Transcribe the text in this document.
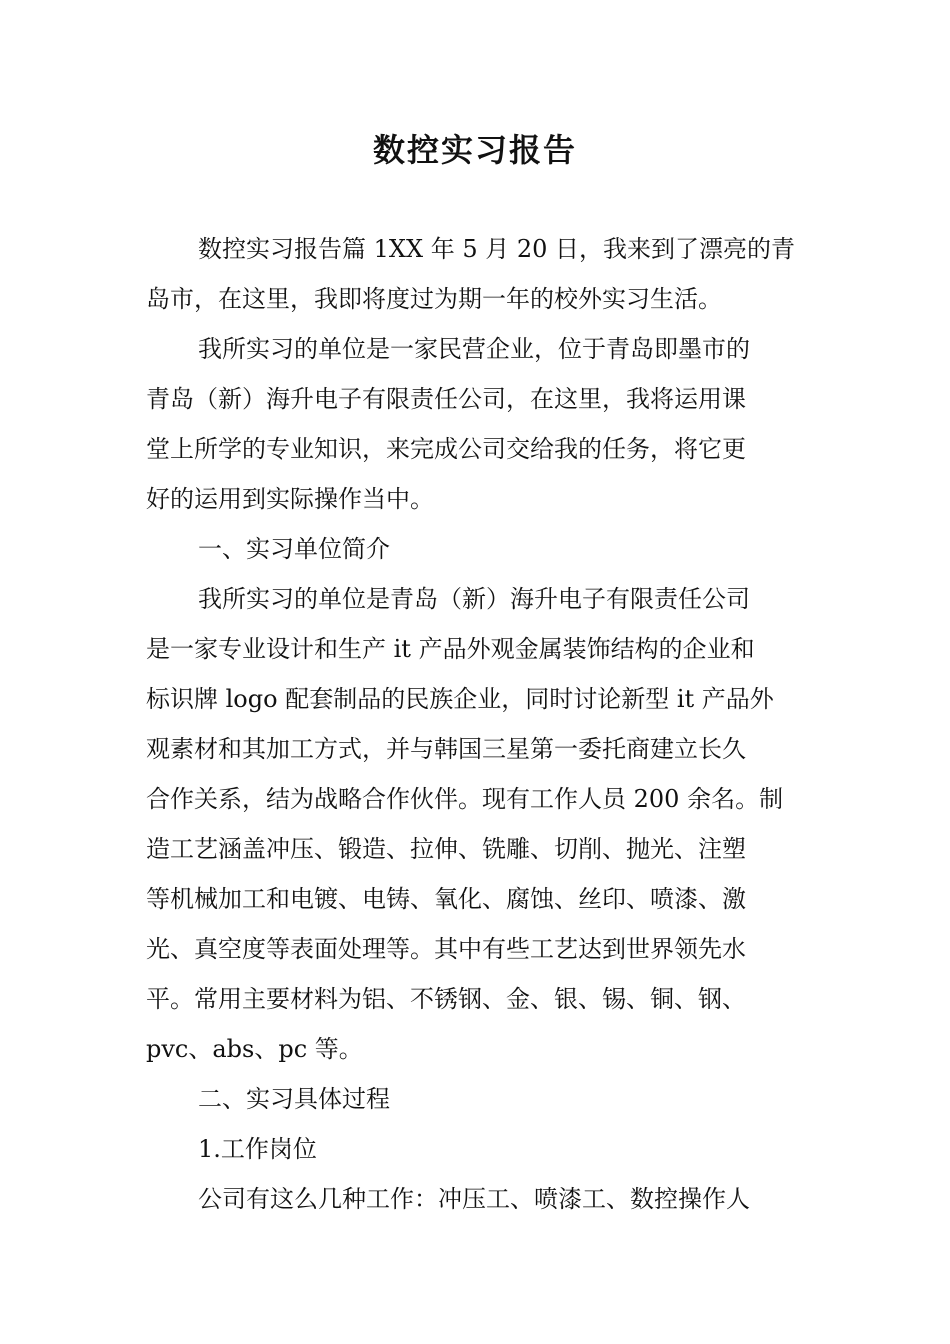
数控实习报告
数控实习报告篇 1XX 年 5 月 20 日，我来到了漂亮的青
岛市，在这里，我即将度过为期一年的校外实习生活。
我所实习的单位是一家民营企业，位于青岛即墨市的
青岛（新）海升电子有限责任公司，在这里，我将运用课
堂上所学的专业知识，来完成公司交给我的任务，将它更
好的运用到实际操作当中。
一、实习单位简介
我所实习的单位是青岛（新）海升电子有限责任公司
是一家专业设计和生产 it 产品外观金属装饰结构的企业和
标识牌 logo 配套制品的民族企业，同时讨论新型 it 产品外
观素材和其加工方式，并与韩国三星第一委托商建立长久
合作关系，结为战略合作伙伴。现有工作人员 200 余名。制
造工艺涵盖冲压、锻造、拉伸、铣雕、切削、抛光、注塑
等机械加工和电镀、电铸、氧化、腐蚀、丝印、喷漆、激
光、真空度等表面处理等。其中有些工艺达到世界领先水
平。常用主要材料为铝、不锈钢、金、银、锡、铜、钢、
pvc、abs、pc 等。
二、实习具体过程
1.工作岗位
公司有这么几种工作：冲压工、喷漆工、数控操作人
